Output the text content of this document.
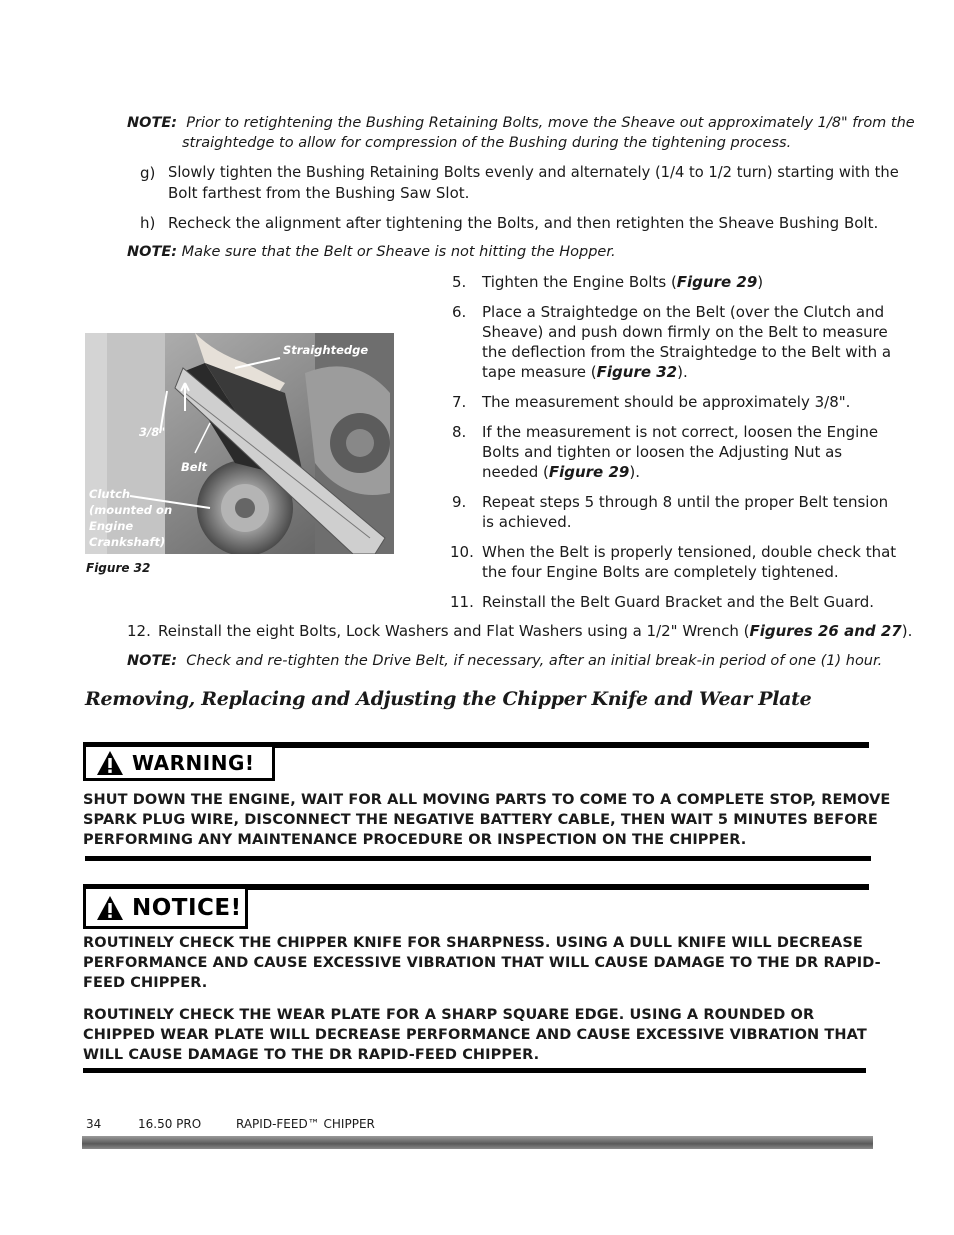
NOTE: Prior to retightening the Bushing Retaining Bolts, move the Sheave out approximately 1/8" from the
straightedge to allow for compression of the Bushing during the tightening process.
g) Slowly tighten the Bushing Retaining Bolts evenly and alternately (1/4 to 1/2 turn) starting with the
Bolt farthest from the Bushing Saw Slot.
h) Recheck the alignment after tightening the Bolts, and then retighten the Sheave Bushing Bolt.
NOTE: Make sure that the Belt or Sheave is not hitting the Hopper.
5. Tighten the Engine Bolts (Figure 29)
6. Place a Straightedge on the Belt (over the Clutch and
Sheave) and push down firmly on the Belt to measure
the deflection from the Straightedge to the Belt with a
tape measure (Figure 32).
7. The measurement should be approximately 3/8".
8. If the measurement is not correct, loosen the Engine
Bolts and tighten or loosen the Adjusting Nut as
needed (Figure 29).
9. Repeat steps 5 through 8 until the proper Belt tension
is achieved.
10. When the Belt is properly tensioned, double check that
the four Engine Bolts are completely tightened.
11. Reinstall the Belt Guard Bracket and the Belt Guard.
Straightedge
3/8"
Belt
Clutch
(mounted on
Engine
Crankshaft)
Figure 32
12. Reinstall the eight Bolts, Lock Washers and Flat Washers using a 1/2" Wrench (Figures 26 and 27).
NOTE: Check and re-tighten the Drive Belt, if necessary, after an initial break-in period of one (1) hour.
Removing, Replacing and Adjusting the Chipper Knife and Wear Plate
WARNING!
SHUT DOWN THE ENGINE, WAIT FOR ALL MOVING PARTS TO COME TO A COMPLETE STOP, REMOVE
SPARK PLUG WIRE, DISCONNECT THE NEGATIVE BATTERY CABLE, THEN WAIT 5 MINUTES BEFORE
PERFORMING ANY MAINTENANCE PROCEDURE OR INSPECTION ON THE CHIPPER.
NOTICE!
ROUTINELY CHECK THE CHIPPER KNIFE FOR SHARPNESS. USING A DULL KNIFE WILL DECREASE
PERFORMANCE AND CAUSE EXCESSIVE VIBRATION THAT WILL CAUSE DAMAGE TO THE DR RAPID-
FEED CHIPPER.
ROUTINELY CHECK THE WEAR PLATE FOR A SHARP SQUARE EDGE. USING A ROUNDED OR
CHIPPED WEAR PLATE WILL DECREASE PERFORMANCE AND CAUSE EXCESSIVE VIBRATION THAT
WILL CAUSE DAMAGE TO THE DR RAPID-FEED CHIPPER.
34	16.50 PRO	RAPID-FEED™ CHIPPER
